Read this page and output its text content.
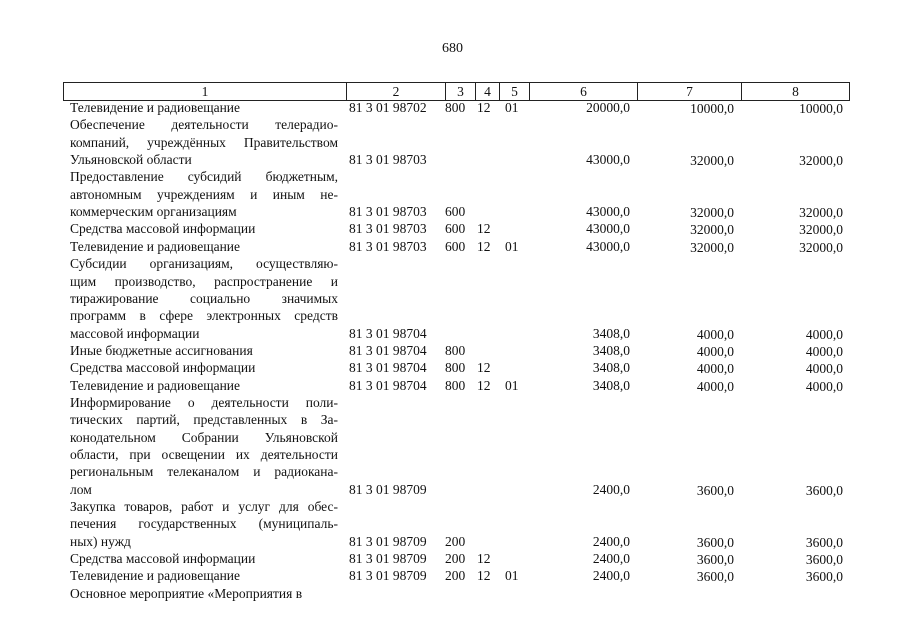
680
1	2	3	4	5	6	7	8
Телевидение и радиовещание	81 3 01 98702 800 12 01	20000,0	10000,0	10000,0
Обеспечение деятельности телерадио-
компаний, учреждённых Правительством
Ульяновской области	81 3 01 98703	43000,0	32000,0	32000,0
Предоставление субсидий бюджетным,
автономным учреждениям и иным не-
коммерческим организациям	81 3 01 98703 600	43000,0	32000,0	32000,0
Средства массовой информации	81 3 01 98703 600 12	43000,0	32000,0	32000,0
Телевидение и радиовещание	81 3 01 98703 600 12 01	43000,0	32000,0	32000,0
Субсидии организациям, осуществляю-
щим производство, распространение и
тиражирование социально значимых
программ в сфере электронных средств
массовой информации	81 3 01 98704	3408,0	4000,0	4000,0
Иные бюджетные ассигнования	81 3 01 98704 800	3408,0	4000,0	4000,0
Средства массовой информации	81 3 01 98704 800 12	3408,0	4000,0	4000,0
Телевидение и радиовещание	81 3 01 98704 800 12 01	3408,0	4000,0	4000,0
Информирование о деятельности поли-
тических партий, представленных в За-
конодательном Собрании Ульяновской
области, при освещении их деятельности
региональным телеканалом и радиокана-
лом	81 3 01 98709	2400,0	3600,0	3600,0
Закупка товаров, работ и услуг для обес-
печения государственных (муниципаль-
ных) нужд	81 3 01 98709 200	2400,0	3600,0	3600,0
Средства массовой информации	81 3 01 98709 200 12	2400,0	3600,0	3600,0
Телевидение и радиовещание	81 3 01 98709 200 12 01	2400,0	3600,0	3600,0
Основное мероприятие «Мероприятия в
